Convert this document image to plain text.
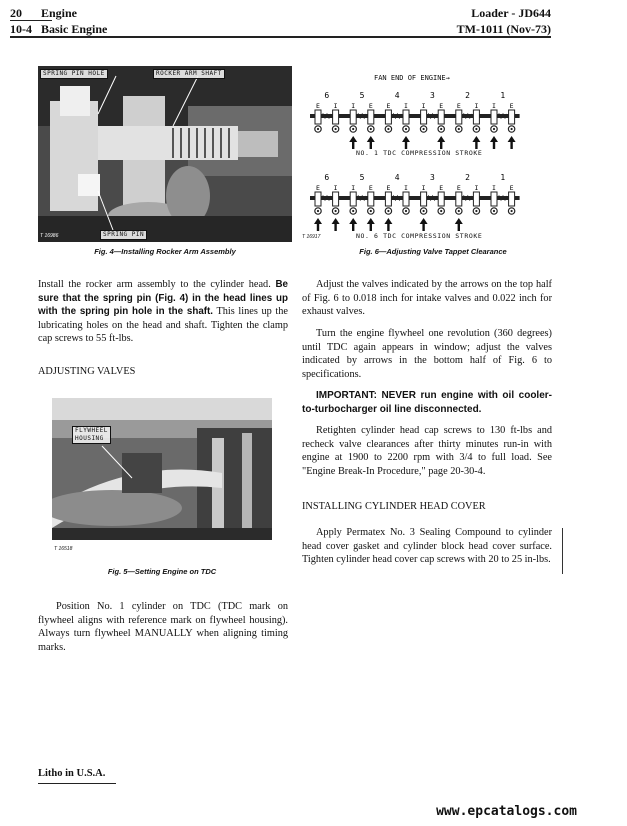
20 Engine	Loader - JD644
10-4 Basic Engine	TM-1011 (Nov-73)
SPRING PIN HOLE	ROCKER ARM SHAFT
SPRING PIN
T 16986
Fig. 4—Installing Rocker Arm Assembly
FAN END OF ENGINE→
6	5	4	3	2	1
E I I E E I I E E I I E
6	5	4	3	2	1
E I I E E I I E E I I E
NO. 1 TDC COMPRESSION STROKE
NO. 6 TDC COMPRESSION STROKE
T 16917
Fig. 6—Adjusting Valve Tappet Clearance
Install the rocker arm assembly to the cylinder head. Be sure that the spring pin (Fig. 4) in the head lines up with the spring pin hole in the shaft. This lines up the lubricating holes on the head and shaft. Tighten the clamp cap screws to 55 ft-lbs.
ADJUSTING VALVES
FLYWHEEL
HOUSING
T 16518
Fig. 5—Setting Engine on TDC
Position No. 1 cylinder on TDC (TDC mark on flywheel aligns with reference mark on flywheel housing). Always turn flywheel MANUALLY when aligning timing marks.
Adjust the valves indicated by the arrows on the top half of Fig. 6 to 0.018 inch for intake valves and 0.022 inch for exhaust valves.
Turn the engine flywheel one revolution (360 degrees) until TDC again appears in window; adjust the valves indicated by arrows in the bottom half of Fig. 6 to specifications.
IMPORTANT: NEVER run engine with oil cooler-to-turbocharger oil line disconnected.
Retighten cylinder head cap screws to 130 ft-lbs and recheck valve clearances after thirty minutes run-in with engine at 1900 to 2200 rpm with 3/4 to full load. See "Engine Break-In Procedure," page 20-30-4.
INSTALLING CYLINDER HEAD COVER
Apply Permatex No. 3 Sealing Compound to cylinder head cover gasket and cylinder block head cover surface. Tighten cylinder head cover cap screws with 20 to 25 in-lbs.
Litho in U.S.A.
www.epcatalogs.com
